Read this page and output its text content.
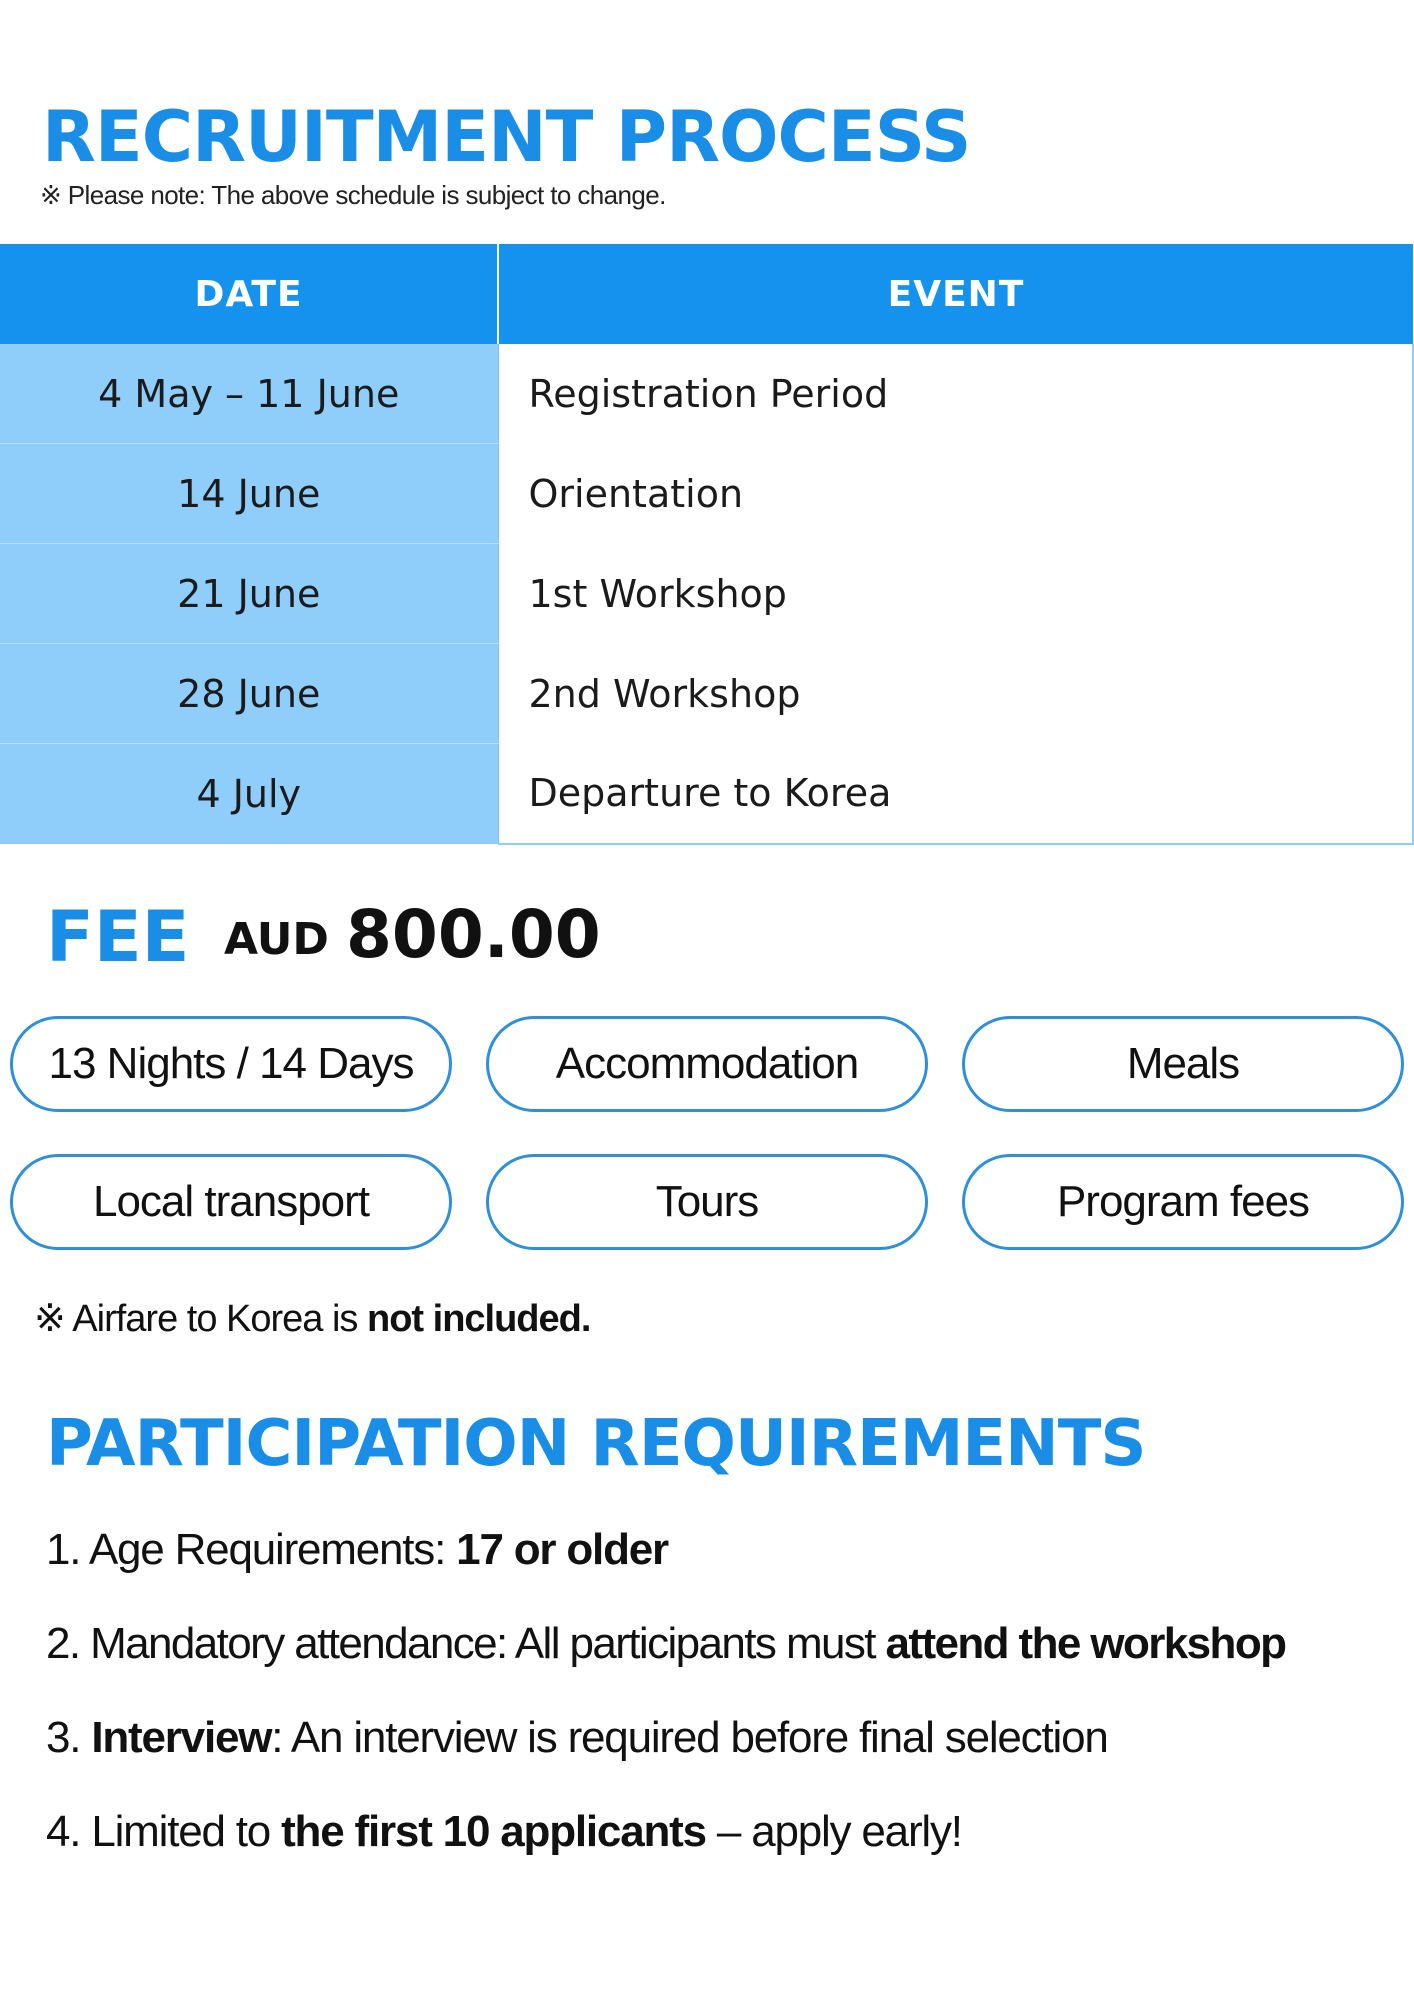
RECRUITMENT PROCESS
※ Please note: The above schedule is subject to change.
DATE	EVENT
4 May – 11 June	Registration Period
14 June	Orientation
21 June	1st Workshop
28 June	2nd Workshop
4 July	Departure to Korea
FEE AUD 800.00
13 Nights / 14 Days	Accommodation	Meals
Local transport	Tours	Program fees
※ Airfare to Korea is not included.
PARTICIPATION REQUIREMENTS
1. Age Requirements: 17 or older
2. Mandatory attendance: All participants must attend the workshop
3. Interview: An interview is required before final selection
4. Limited to the first 10 applicants – apply early!
